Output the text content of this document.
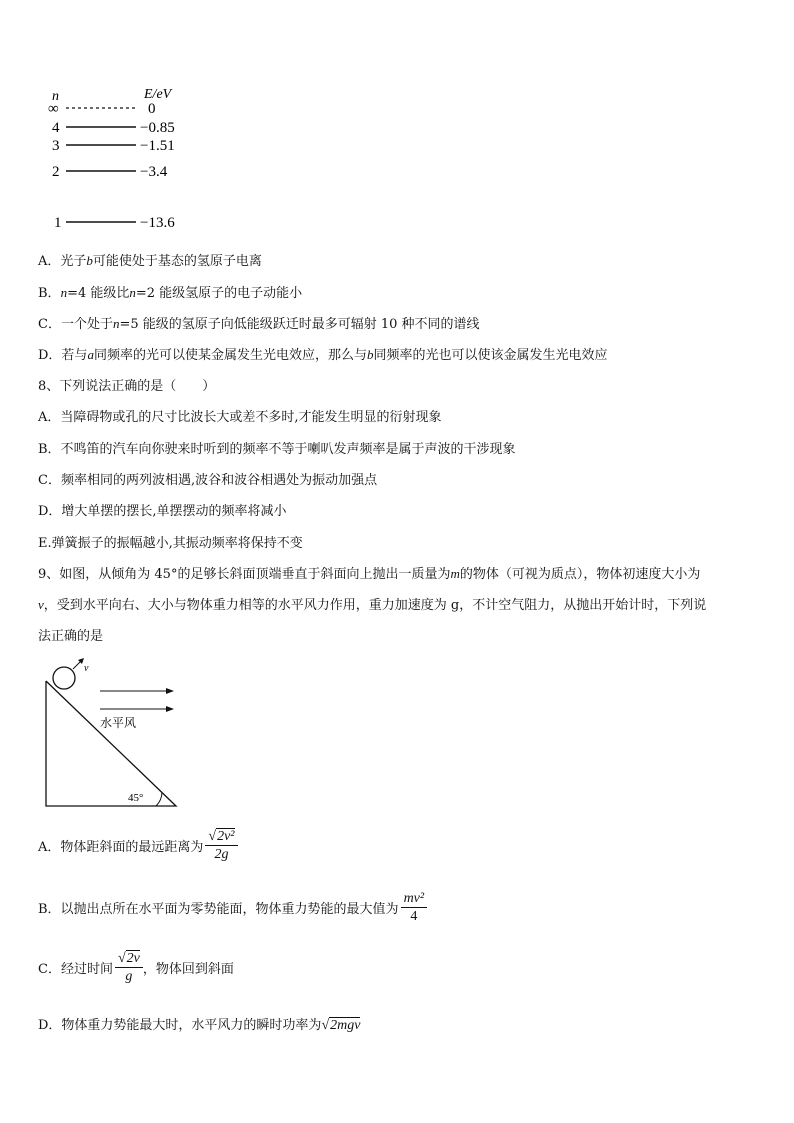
n	E/eV
∞
4
3
2
1
0
−0.85
−1.51
−3.4
−13.6
A．光子b可能使处于基态的氢原子电离
B．n=4 能级比n=2 能级氢原子的电子动能小
C．一个处于n=5 能级的氢原子向低能级跃迁时最多可辐射 10 种不同的谱线
D．若与a同频率的光可以使某金属发生光电效应，那么与b同频率的光也可以使该金属发生光电效应
8、下列说法正确的是（　　）
A．当障碍物或孔的尺寸比波长大或差不多时,才能发生明显的衍射现象
B．不鸣笛的汽车向你驶来时听到的频率不等于喇叭发声频率是属于声波的干涉现象
C．频率相同的两列波相遇,波谷和波谷相遇处为振动加强点
D．增大单摆的摆长,单摆摆动的频率将减小
E.弹簧振子的振幅越小,其振动频率将保持不变
9、如图，从倾角为 45°的足够长斜面顶端垂直于斜面向上抛出一质量为m的物体（可视为质点），物体初速度大小为
v，受到水平向右、大小与物体重力相等的水平风力作用，重力加速度为 g，不计空气阻力，从抛出开始计时，下列说
法正确的是
v
水平风
45°
A．物体距斜面的最远距离为 $\frac{\text{√2v²}}{2g}$
B．以抛出点所在水平面为零势能面，物体重力势能的最大值为 $\frac{\text{mv²}}{4}$
C．经过时间 $\frac{√2v}{g}$ ，物体回到斜面
D．物体重力势能最大时，水平风力的瞬时功率为√2mgv
